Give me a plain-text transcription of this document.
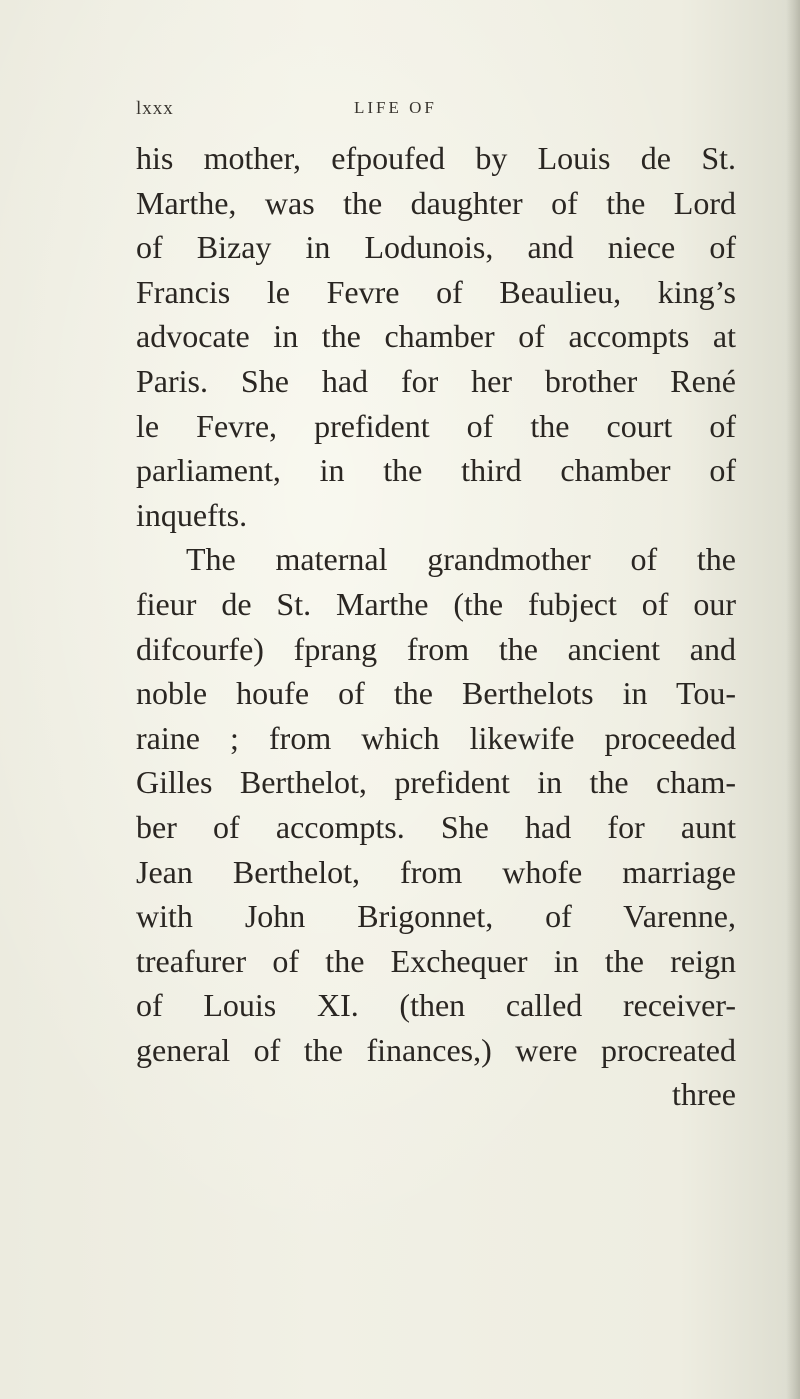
lxxx	LIFE OF
his mother, efpoufed by Louis de St.
Marthe, was the daughter of the Lord
of Bizay in Lodunois, and niece of
Francis le Fevre of Beaulieu, king’s
advocate in the chamber of accompts at
Paris. She had for her brother René
le Fevre, prefident of the court of
parliament, in the third chamber of
inquefts.
The maternal grandmother of the
fieur de St. Marthe (the fubject of our
difcourfe) fprang from the ancient and
noble houfe of the Berthelots in Tou-
raine ; from which likewife proceeded
Gilles Berthelot, prefident in the cham-
ber of accompts. She had for aunt
Jean Berthelot, from whofe marriage
with John Brigonnet, of Varenne,
treafurer of the Exchequer in the reign
of Louis XI. (then called receiver-
general of the finances,) were procreated
three
